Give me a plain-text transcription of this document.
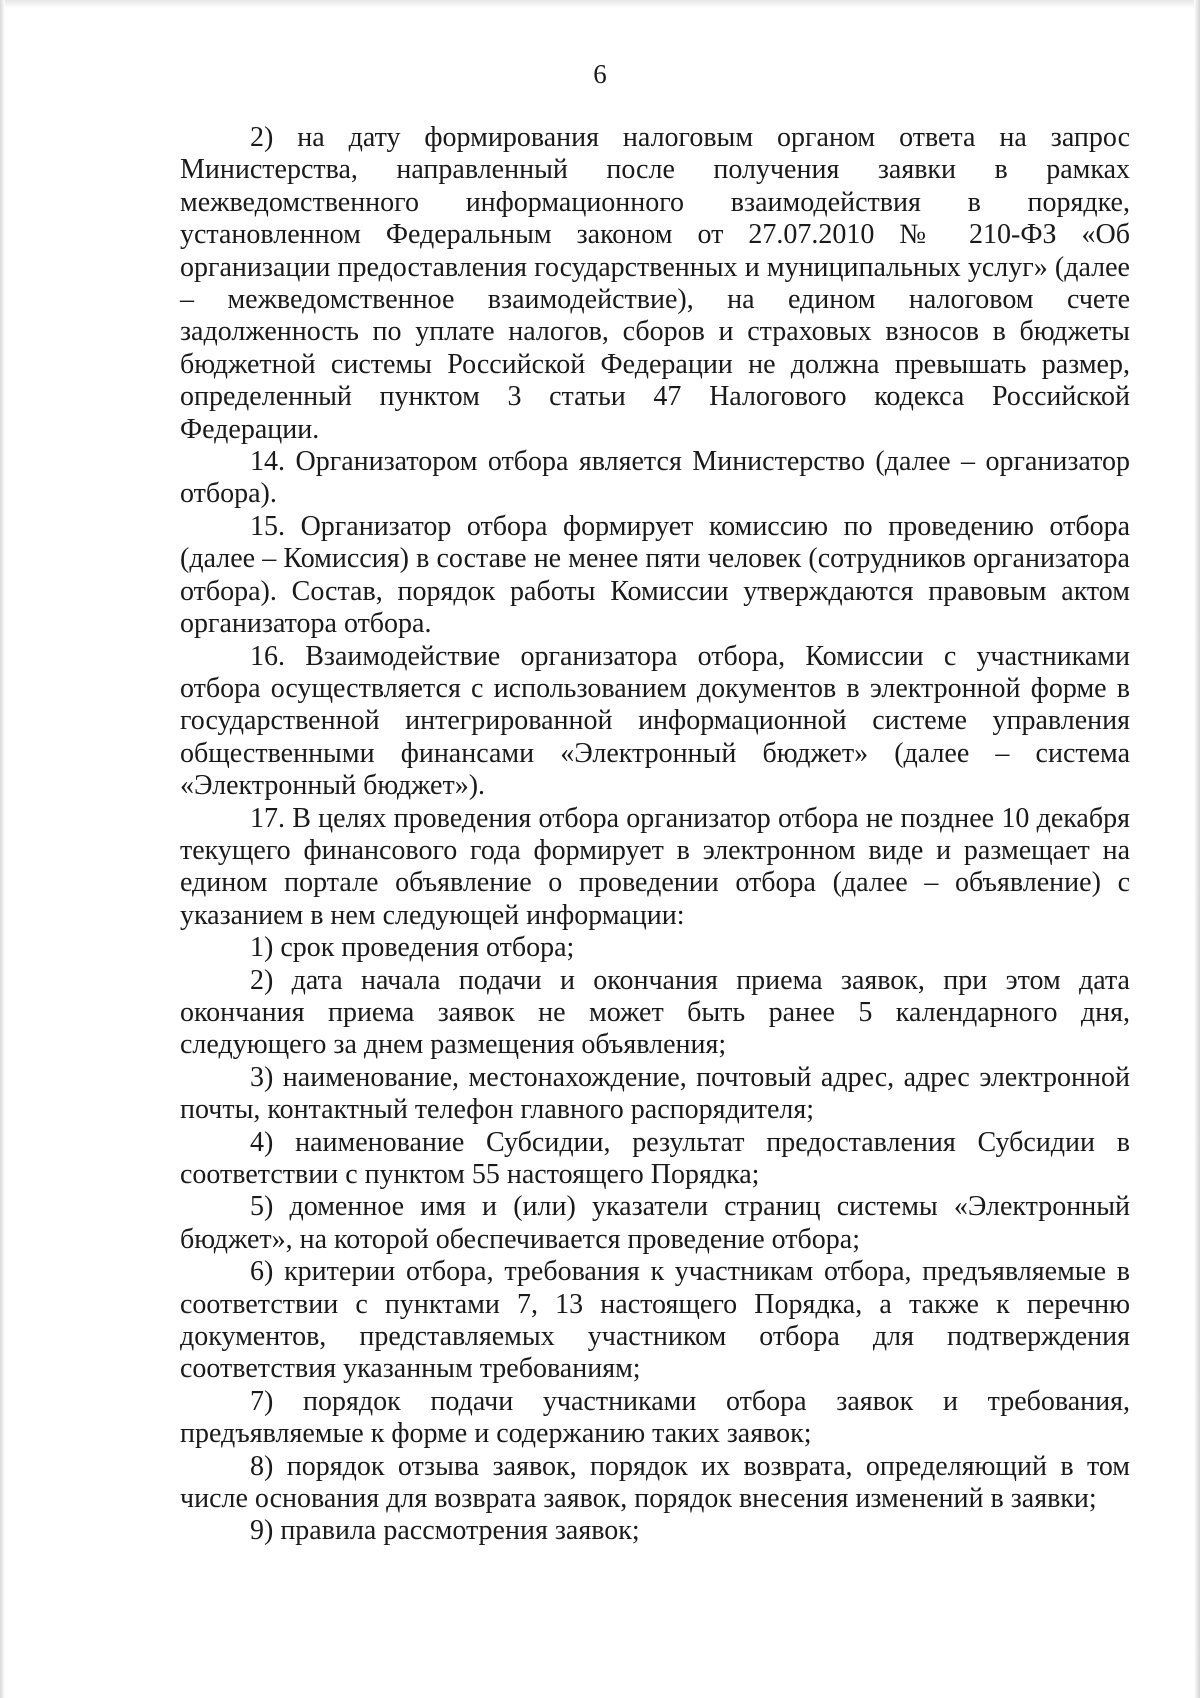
6

2) на дату формирования налоговым органом ответа на запрос Министерства, направленный после получения заявки в рамках межведомственного информационного взаимодействия в порядке, установленном Федеральным законом от 27.07.2010 № 210-ФЗ «Об организации предоставления государственных и муниципальных услуг» (далее – межведомственное взаимодействие), на едином налоговом счете задолженность по уплате налогов, сборов и страховых взносов в бюджеты бюджетной системы Российской Федерации не должна превышать размер, определенный пунктом 3 статьи 47 Налогового кодекса Российской Федерации.

14. Организатором отбора является Министерство (далее – организатор отбора).

15. Организатор отбора формирует комиссию по проведению отбора (далее – Комиссия) в составе не менее пяти человек (сотрудников организатора отбора). Состав, порядок работы Комиссии утверждаются правовым актом организатора отбора.

16. Взаимодействие организатора отбора, Комиссии с участниками отбора осуществляется с использованием документов в электронной форме в государственной интегрированной информационной системе управления общественными финансами «Электронный бюджет» (далее – система «Электронный бюджет»).

17. В целях проведения отбора организатор отбора не позднее 10 декабря текущего финансового года формирует в электронном виде и размещает на едином портале объявление о проведении отбора (далее – объявление) с указанием в нем следующей информации:

1) срок проведения отбора;

2) дата начала подачи и окончания приема заявок, при этом дата окончания приема заявок не может быть ранее 5 календарного дня, следующего за днем размещения объявления;

3) наименование, местонахождение, почтовый адрес, адрес электронной почты, контактный телефон главного распорядителя;

4) наименование Субсидии, результат предоставления Субсидии в соответствии с пунктом 55 настоящего Порядка;

5) доменное имя и (или) указатели страниц системы «Электронный бюджет», на которой обеспечивается проведение отбора;

6) критерии отбора, требования к участникам отбора, предъявляемые в соответствии с пунктами 7, 13 настоящего Порядка, а также к перечню документов, представляемых участником отбора для подтверждения соответствия указанным требованиям;

7) порядок подачи участниками отбора заявок и требования, предъявляемые к форме и содержанию таких заявок;

8) порядок отзыва заявок, порядок их возврата, определяющий в том числе основания для возврата заявок, порядок внесения изменений в заявки;

9) правила рассмотрения заявок;
